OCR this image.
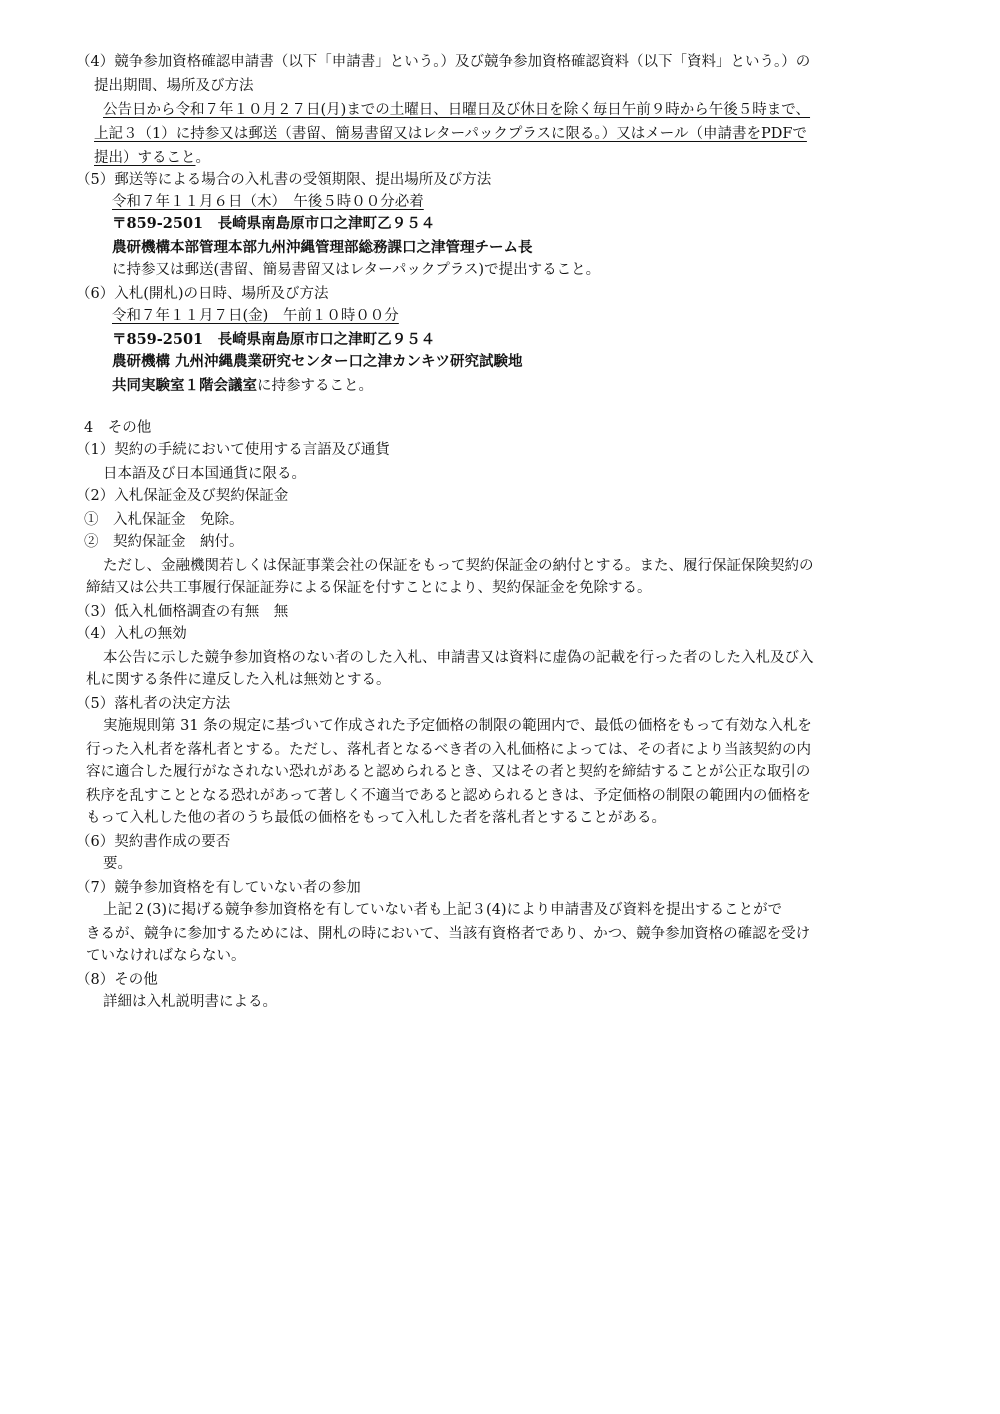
（4）競争参加資格確認申請書（以下「申請書」という。）及び競争参加資格確認資料（以下「資料」という。）の
提出期間、場所及び方法
公告日から令和７年１０月２７日(月)までの土曜日、日曜日及び休日を除く毎日午前９時から午後５時まで、
上記３（1）に持参又は郵送（書留、簡易書留又はレターパックプラスに限る。）又はメール（申請書をPDFで
提出）すること。
（5）郵送等による場合の入札書の受領期限、提出場所及び方法
令和７年１１月６日（木）　午後５時００分必着
〒859-2501　長崎県南島原市口之津町乙９５４
農研機構本部管理本部九州沖縄管理部総務課口之津管理チーム長
に持参又は郵送(書留、簡易書留又はレターパックプラス)で提出すること。
（6）入札(開札)の日時、場所及び方法
令和７年１１月７日(金)　午前１０時００分
〒859-2501　長崎県南島原市口之津町乙９５４
農研機構 九州沖縄農業研究センター口之津カンキツ研究試験地
共同実験室１階会議室に持参すること。
4　その他
（1）契約の手続において使用する言語及び通貨
日本語及び日本国通貨に限る。
（2）入札保証金及び契約保証金
①　入札保証金　免除。
②　契約保証金　納付。
ただし、金融機関若しくは保証事業会社の保証をもって契約保証金の納付とする。また、履行保証保険契約の
締結又は公共工事履行保証証券による保証を付すことにより、契約保証金を免除する。
（3）低入札価格調査の有無　無
（4）入札の無効
本公告に示した競争参加資格のない者のした入札、申請書又は資料に虚偽の記載を行った者のした入札及び入
札に関する条件に違反した入札は無効とする。
（5）落札者の決定方法
実施規則第 31 条の規定に基づいて作成された予定価格の制限の範囲内で、最低の価格をもって有効な入札を
行った入札者を落札者とする。ただし、落札者となるべき者の入札価格によっては、その者により当該契約の内
容に適合した履行がなされない恐れがあると認められるとき、又はその者と契約を締結することが公正な取引の
秩序を乱すこととなる恐れがあって著しく不適当であると認められるときは、予定価格の制限の範囲内の価格を
もって入札した他の者のうち最低の価格をもって入札した者を落札者とすることがある。
（6）契約書作成の要否
要。
（7）競争参加資格を有していない者の参加
上記２(3)に掲げる競争参加資格を有していない者も上記３(4)により申請書及び資料を提出することがで
きるが、競争に参加するためには、開札の時において、当該有資格者であり、かつ、競争参加資格の確認を受け
ていなければならない。
（8）その他
詳細は入札説明書による。
